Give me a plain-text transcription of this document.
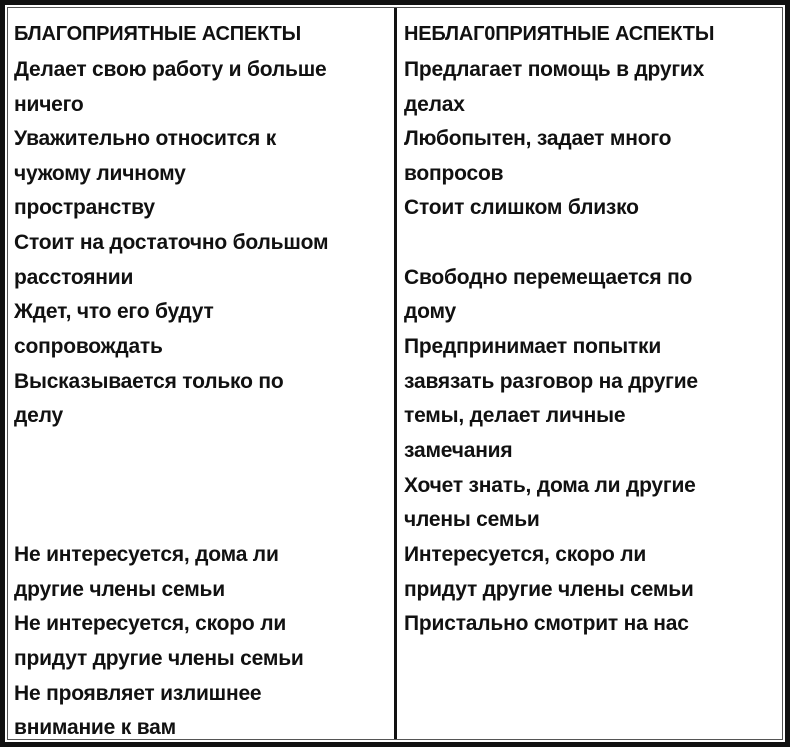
БЛАГОПРИЯТНЫЕ АСПЕКТЫ
Делает свою работу и больше
ничего
Уважительно относится к
чужому личному
пространству
Стоит на достаточно большом
расстоянии
Ждет, что его будут
сопровождать
Высказывается только по
делу
Не интересуется, дома ли
другие члены семьи
Не интересуется, скоро ли
придут другие члены семьи
Не проявляет излишнее
внимание к вам
НЕБЛАГ0ПРИЯТНЫЕ АСПЕКТЫ
Предлагает помощь в других
делах
Любопытен, задает много
вопросов
Стоит слишком близко
Свободно перемещается по
дому
Предпринимает попытки
завязать разговор на другие
темы, делает личные
замечания
Хочет знать, дома ли другие
члены семьи
Интересуется, скоро ли
придут другие члены семьи
Пристально смотрит на нас
